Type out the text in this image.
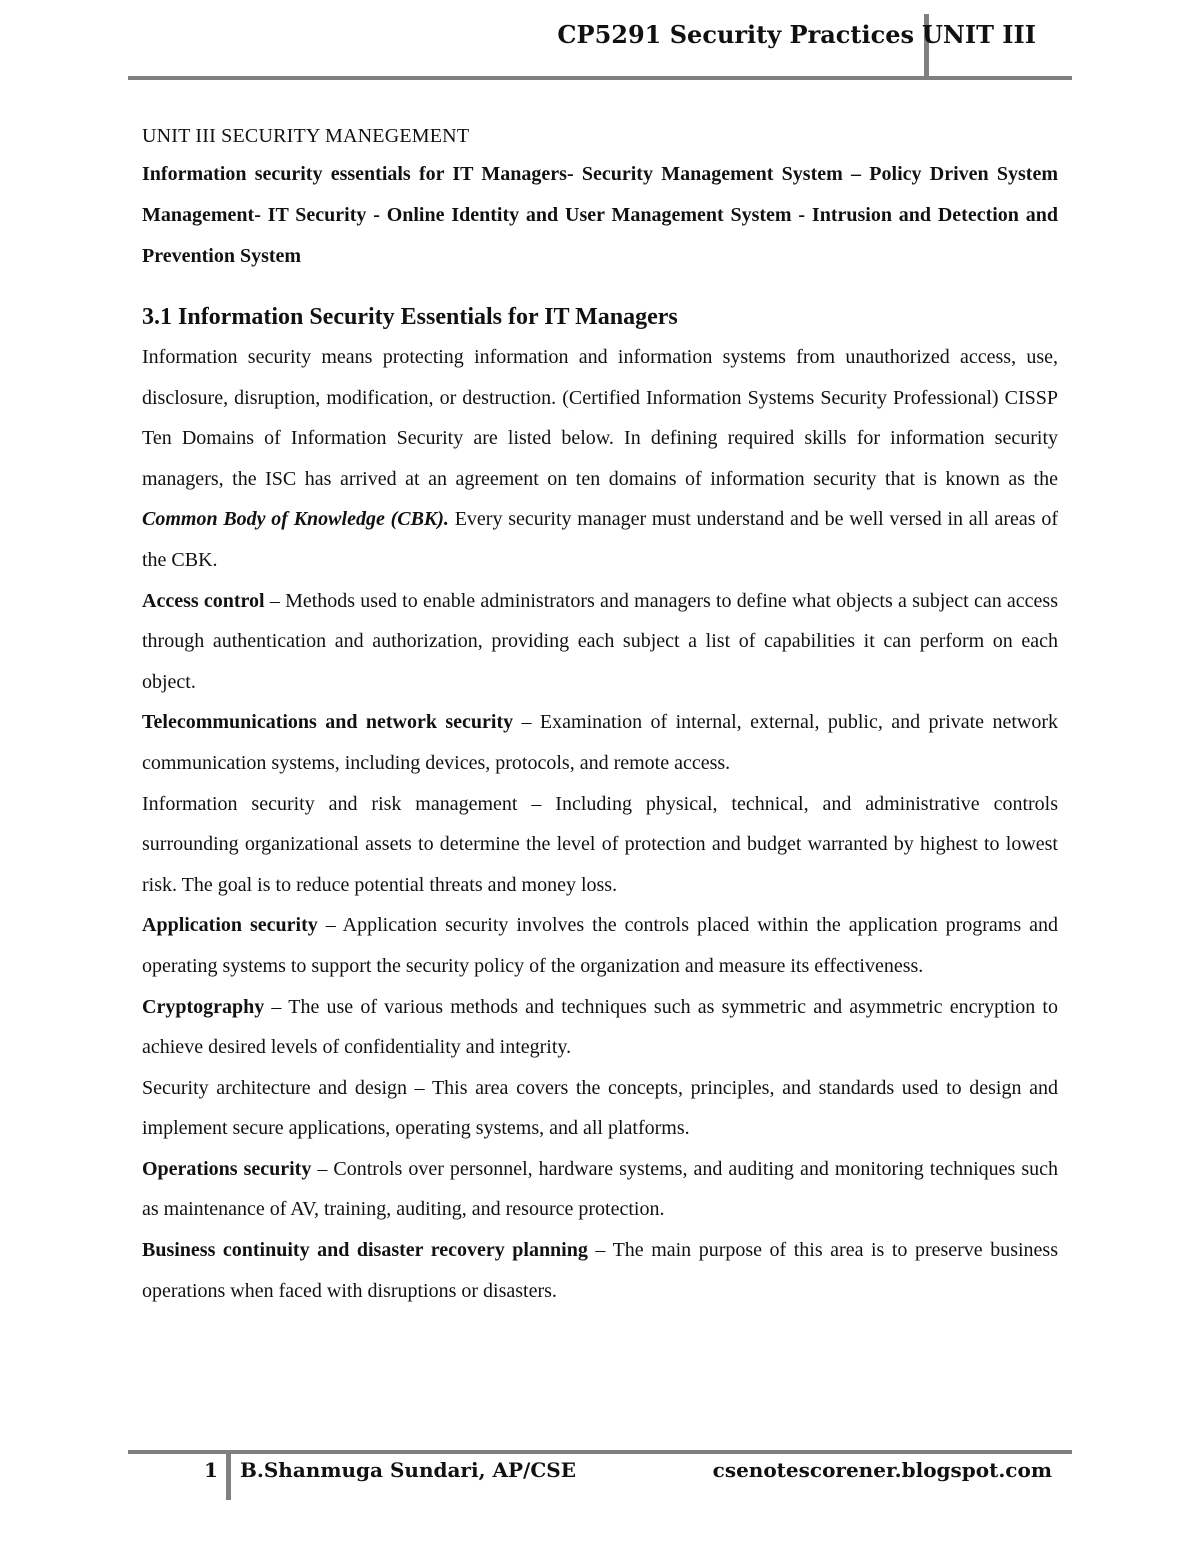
CP5291 Security Practices UNIT III

UNIT III SECURITY MANEGEMENT

Information security essentials for IT Managers- Security Management System – Policy Driven System Management- IT Security - Online Identity and User Management System - Intrusion and Detection and Prevention System

3.1 Information Security Essentials for IT Managers

Information security means protecting information and information systems from unauthorized access, use, disclosure, disruption, modification, or destruction. (Certified Information Systems Security Professional) CISSP Ten Domains of Information Security are listed below. In defining required skills for information security managers, the ISC has arrived at an agreement on ten domains of information security that is known as the Common Body of Knowledge (CBK). Every security manager must understand and be well versed in all areas of the CBK.

Access control – Methods used to enable administrators and managers to define what objects a subject can access through authentication and authorization, providing each subject a list of capabilities it can perform on each object.

Telecommunications and network security – Examination of internal, external, public, and private network communication systems, including devices, protocols, and remote access.

Information security and risk management – Including physical, technical, and administrative controls surrounding organizational assets to determine the level of protection and budget warranted by highest to lowest risk. The goal is to reduce potential threats and money loss.

Application security – Application security involves the controls placed within the application programs and operating systems to support the security policy of the organization and measure its effectiveness.

Cryptography – The use of various methods and techniques such as symmetric and asymmetric encryption to achieve desired levels of confidentiality and integrity.

Security architecture and design – This area covers the concepts, principles, and standards used to design and implement secure applications, operating systems, and all platforms.

Operations security – Controls over personnel, hardware systems, and auditing and monitoring techniques such as maintenance of AV, training, auditing, and resource protection.

Business continuity and disaster recovery planning – The main purpose of this area is to preserve business operations when faced with disruptions or disasters.

1 B.Shanmuga Sundari, AP/CSE	csenotescorener.blogspot.com
